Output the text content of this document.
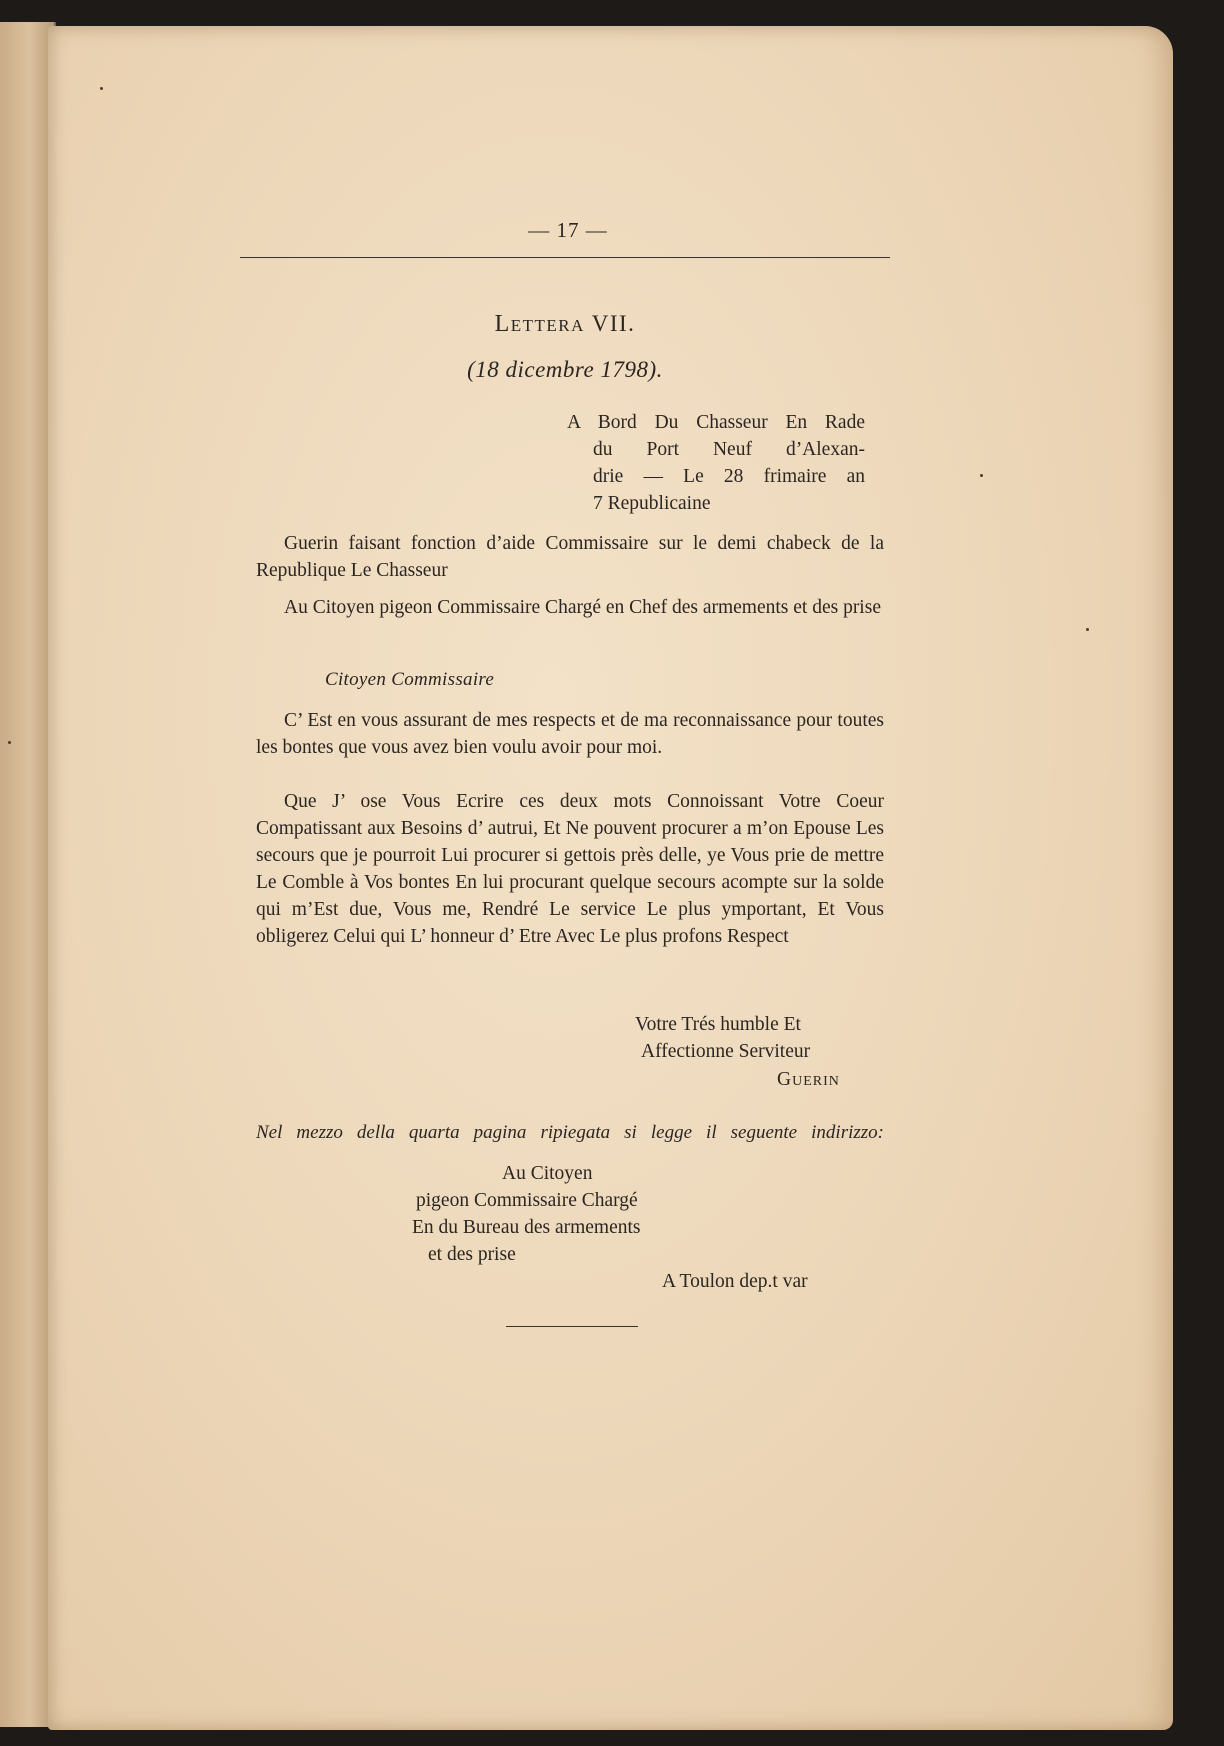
— 17 —
Lettera VII.
(18 dicembre 1798).
A Bord Du Chasseur En Rade
du Port Neuf d’Alexan-
drie — Le 28 frimaire an
7 Republicaine
Guerin faisant fonction d’aide Commissaire sur le demi chabeck de la Republique Le Chasseur
Au Citoyen pigeon Commissaire Chargé en Chef des armements et des prise
Citoyen Commissaire
C’ Est en vous assurant de mes respects et de ma reconnaissance pour toutes les bontes que vous avez bien voulu avoir pour moi.
Que J’ ose Vous Ecrire ces deux mots Connoissant Votre Coeur Compatissant aux Besoins d’ autrui, Et Ne pouvent procurer a m’on Epouse Les secours que je pourroit Lui procurer si gettois près delle, ye Vous prie de mettre Le Comble à Vos bontes En lui procurant quelque secours acompte sur la solde qui m’Est due, Vous me, Rendré Le service Le plus ymportant, Et Vous obligerez Celui qui L’ honneur d’ Etre Avec Le plus profons Respect
Votre Trés humble Et
Affectionne Serviteur
Guerin
Nel mezzo della quarta pagina ripiegata si legge il seguente indirizzo:
Au Citoyen
pigeon Commissaire Chargé
En du Bureau des armements
et des prise
A Toulon dep.t var
